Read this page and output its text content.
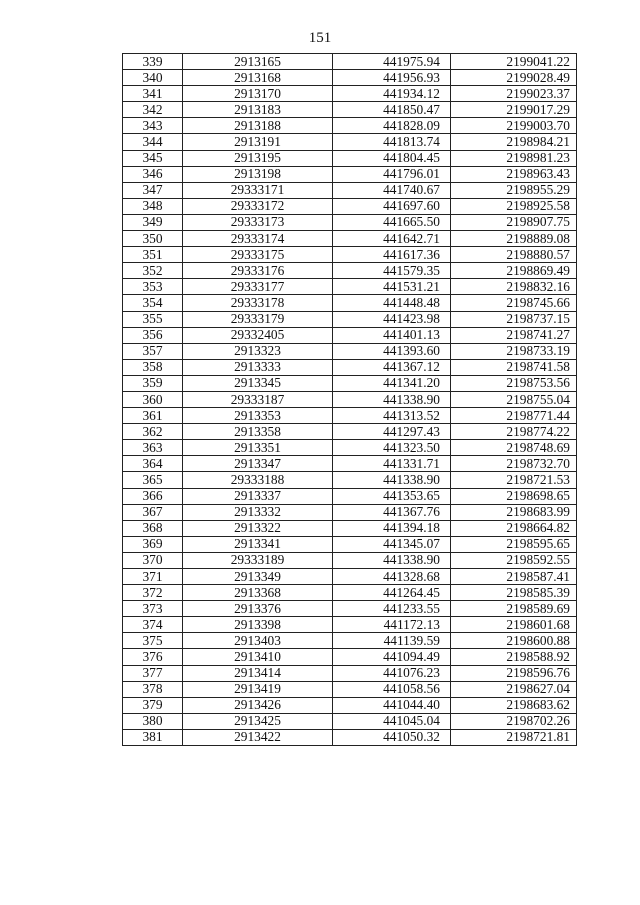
151
339	2913165	441975.94	2199041.22
340	2913168	441956.93	2199028.49
341	2913170	441934.12	2199023.37
342	2913183	441850.47	2199017.29
343	2913188	441828.09	2199003.70
344	2913191	441813.74	2198984.21
345	2913195	441804.45	2198981.23
346	2913198	441796.01	2198963.43
347	29333171	441740.67	2198955.29
348	29333172	441697.60	2198925.58
349	29333173	441665.50	2198907.75
350	29333174	441642.71	2198889.08
351	29333175	441617.36	2198880.57
352	29333176	441579.35	2198869.49
353	29333177	441531.21	2198832.16
354	29333178	441448.48	2198745.66
355	29333179	441423.98	2198737.15
356	29332405	441401.13	2198741.27
357	2913323	441393.60	2198733.19
358	2913333	441367.12	2198741.58
359	2913345	441341.20	2198753.56
360	29333187	441338.90	2198755.04
361	2913353	441313.52	2198771.44
362	2913358	441297.43	2198774.22
363	2913351	441323.50	2198748.69
364	2913347	441331.71	2198732.70
365	29333188	441338.90	2198721.53
366	2913337	441353.65	2198698.65
367	2913332	441367.76	2198683.99
368	2913322	441394.18	2198664.82
369	2913341	441345.07	2198595.65
370	29333189	441338.90	2198592.55
371	2913349	441328.68	2198587.41
372	2913368	441264.45	2198585.39
373	2913376	441233.55	2198589.69
374	2913398	441172.13	2198601.68
375	2913403	441139.59	2198600.88
376	2913410	441094.49	2198588.92
377	2913414	441076.23	2198596.76
378	2913419	441058.56	2198627.04
379	2913426	441044.40	2198683.62
380	2913425	441045.04	2198702.26
381	2913422	441050.32	2198721.81
